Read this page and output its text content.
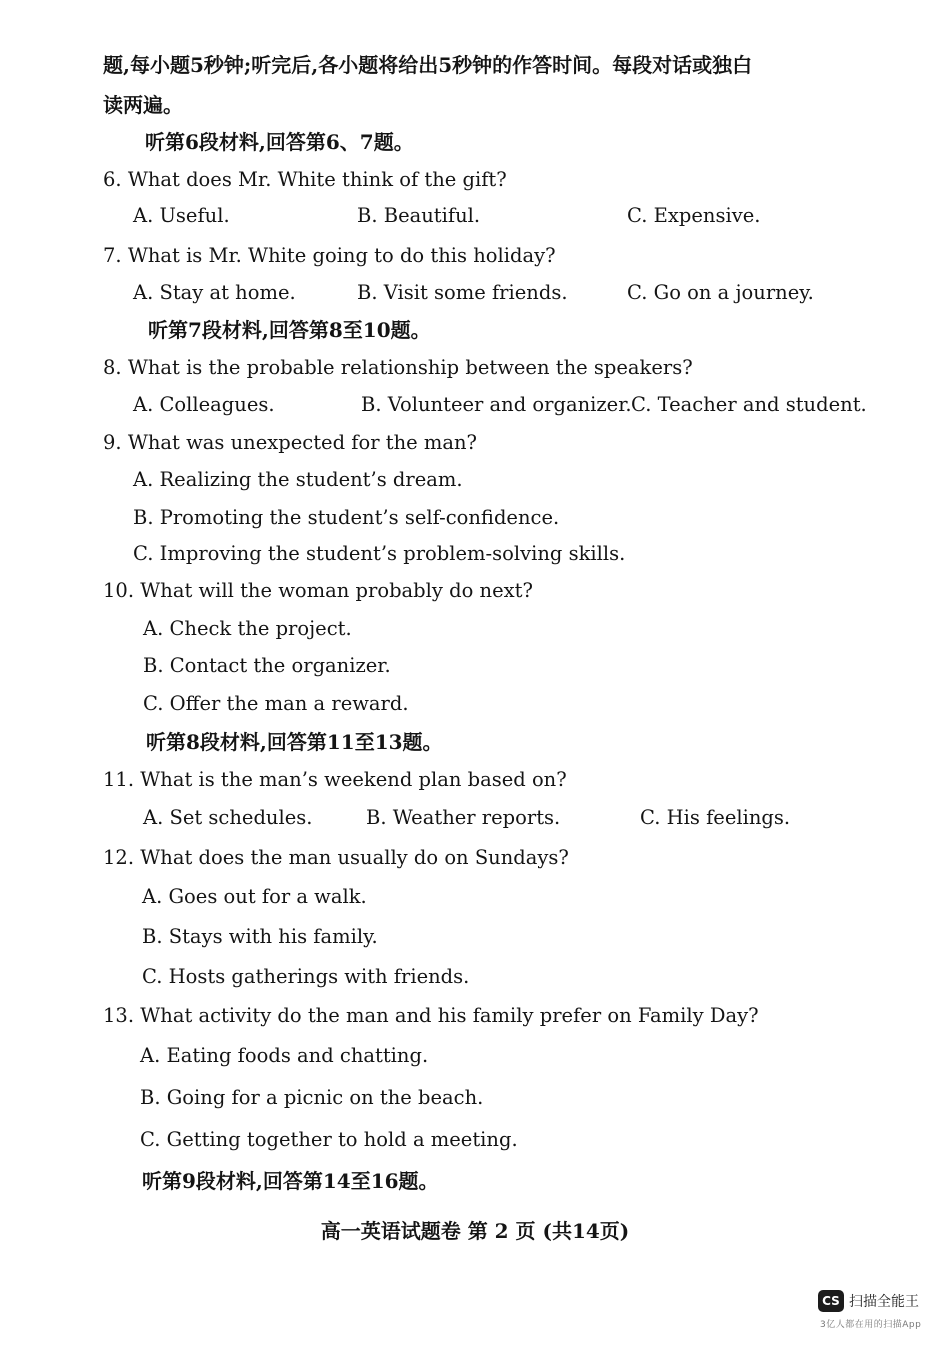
题,每小题5秒钟;听完后,各小题将给出5秒钟的作答时间。每段对话或独白
读两遍。
听第6段材料,回答第6、7题。
6. What does Mr. White think of the gift?
A. Useful.	B. Beautiful.	C. Expensive.
7. What is Mr. White going to do this holiday?
A. Stay at home.	B. Visit some friends.	C. Go on a journey.
听第7段材料,回答第8至10题。
8. What is the probable relationship between the speakers?
A. Colleagues.	B. Volunteer and organizer. C. Teacher and student.
9. What was unexpected for the man?
A. Realizing the student’s dream.
B. Promoting the student’s self-confidence.
C. Improving the student’s problem-solving skills.
10. What will the woman probably do next?
A. Check the project.
B. Contact the organizer.
C. Offer the man a reward.
听第8段材料,回答第11至13题。
11. What is the man’s weekend plan based on?
A. Set schedules.	B. Weather reports.	C. His feelings.
12. What does the man usually do on Sundays?
A. Goes out for a walk.
B. Stays with his family.
C. Hosts gatherings with friends.
13. What activity do the man and his family prefer on Family Day?
A. Eating foods and chatting.
B. Going for a picnic on the beach.
C. Getting together to hold a meeting.
听第9段材料,回答第14至16题。
高一英语试题卷 第 2 页 (共14页)
CS 扫描全能王
3亿人都在用的扫描App
